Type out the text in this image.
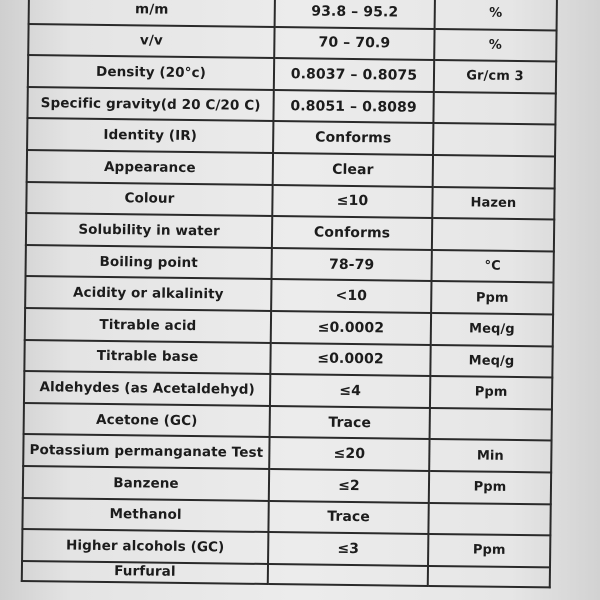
m/m	93.8 – 95.2	%
v/v	70 – 70.9	%
Density (20°c)	0.8037 – 0.8075	Gr/cm 3
Specific gravity(d 20 C/20 C)	0.8051 – 0.8089	
Identity (IR)	Conforms	
Appearance	Clear	
Colour	≤10	Hazen
Solubility in water	Conforms	
Boiling point	78-79	°C
Acidity or alkalinity	<10	Ppm
Titrable acid	≤0.0002	Meq/g
Titrable base	≤0.0002	Meq/g
Aldehydes (as Acetaldehyd)	≤4	Ppm
Acetone (GC)	Trace	
Potassium permanganate Test	≤20	Min
Banzene	≤2	Ppm
Methanol	Trace	
Higher alcohols (GC)	≤3	Ppm
Furfural		
